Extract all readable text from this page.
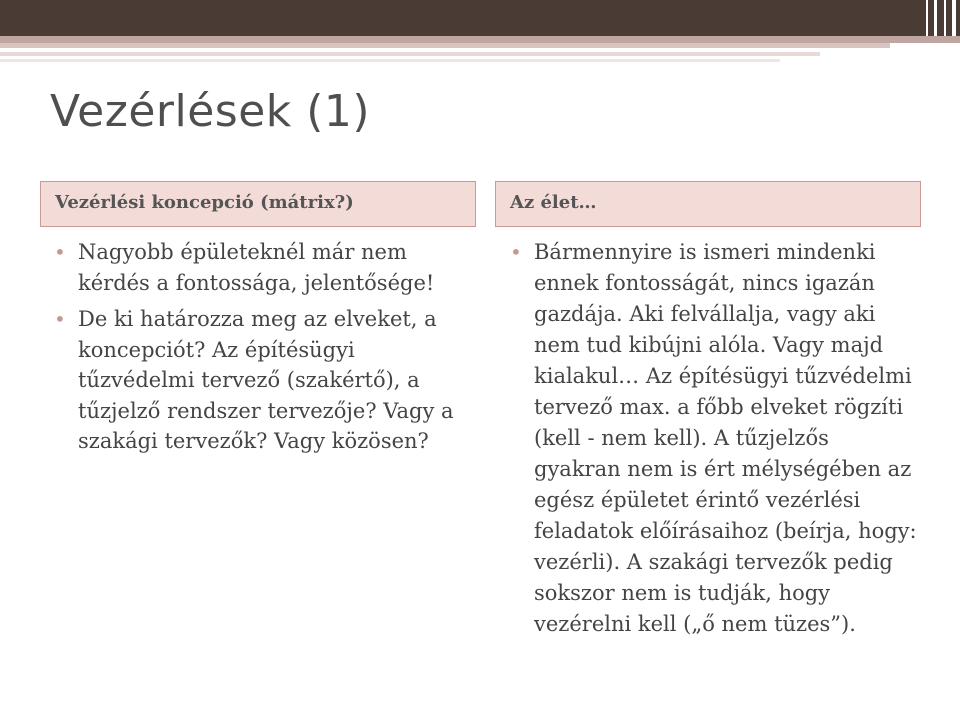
Vezérlések (1)
Vezérlési koncepció (mátrix?)	Az élet…
• Nagyobb épületeknél már nem kérdés a fontossága, jelentősége!
• De ki határozza meg az elveket, a koncepciót? Az építésügyi tűzvédelmi tervező (szakértő), a tűzjelző rendszer tervezője? Vagy a szakági tervezők? Vagy közösen?
• Bármennyire is ismeri mindenki ennek fontosságát, nincs igazán gazdája. Aki felvállalja, vagy aki nem tud kibújni alóla. Vagy majd kialakul… Az építésügyi tűzvédelmi tervező max. a főbb elveket rögzíti (kell - nem kell). A tűzjelzős gyakran nem is ért mélységében az egész épületet érintő vezérlési feladatok előírásaihoz (beírja, hogy: vezérli). A szakági tervezők pedig sokszor nem is tudják, hogy vezérelni kell („ő nem tüzes”).
